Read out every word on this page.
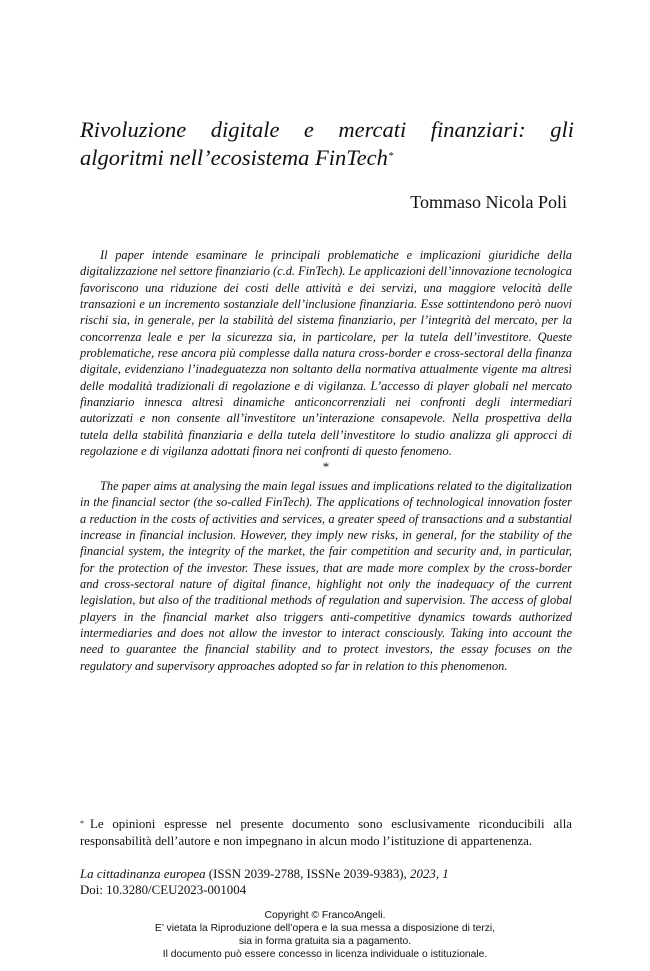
Rivoluzione digitale e mercati finanziari: gli
algoritmi nell’ecosistema FinTech*
Tommaso Nicola Poli

Il paper intende esaminare le principali problematiche e implicazioni giuridiche della digitalizzazione nel settore finanziario (c.d. FinTech). Le applicazioni dell’innovazione tecnologica favoriscono una riduzione dei costi delle attività e dei servizi, una maggiore velocità delle transazioni e un incremento sostanziale dell’inclusione finanziaria. Esse sottintendono però nuovi rischi sia, in generale, per la stabilità del sistema finanziario, per l’integrità del mercato, per la concorrenza leale e per la sicurezza sia, in particolare, per la tutela dell’investitore. Queste problematiche, rese ancora più complesse dalla natura cross-border e cross-sectoral della finanza digitale, evidenziano l’inadeguatezza non soltanto della normativa attualmente vigente ma altresì delle modalità tradizionali di regolazione e di vigilanza. L’accesso di player globali nel mercato finanziario innesca altresì dinamiche anticoncorrenziali nei confronti degli intermediari autorizzati e non consente all’investitore un’interazione consapevole. Nella prospettiva della tutela della stabilità finanziaria e della tutela dell’investitore lo studio analizza gli approcci di regolazione e di vigilanza adottati finora nei confronti di questo fenomeno.

*

The paper aims at analysing the main legal issues and implications related to the digitalization in the financial sector (the so-called FinTech). The applications of technological innovation foster a reduction in the costs of activities and services, a greater speed of transactions and a substantial increase in financial inclusion. However, they imply new risks, in general, for the stability of the financial system, the integrity of the market, the fair competition and security and, in particular, for the protection of the investor. These issues, that are made more complex by the cross-border and cross-sectoral nature of digital finance, highlight not only the inadequacy of the current legislation, but also of the traditional methods of regulation and supervision. The access of global players in the financial market also triggers anti-competitive dynamics towards authorized intermediaries and does not allow the investor to interact consciously. Taking into account the need to guarantee the financial stability and to protect investors, the essay focuses on the regulatory and supervisory approaches adopted so far in relation to this phenomenon.

* Le opinioni espresse nel presente documento sono esclusivamente riconducibili alla responsabilità dell’autore e non impegnano in alcun modo l’istituzione di appartenenza.

La cittadinanza europea (ISSN 2039-2788, ISSNe 2039-9383), 2023, 1
Doi: 10.3280/CEU2023-001004
Copyright © FrancoAngeli.
E’ vietata la Riproduzione dell’opera e la sua messa a disposizione di terzi,
sia in forma gratuita sia a pagamento.
Il documento può essere concesso in licenza individuale o istituzionale.
